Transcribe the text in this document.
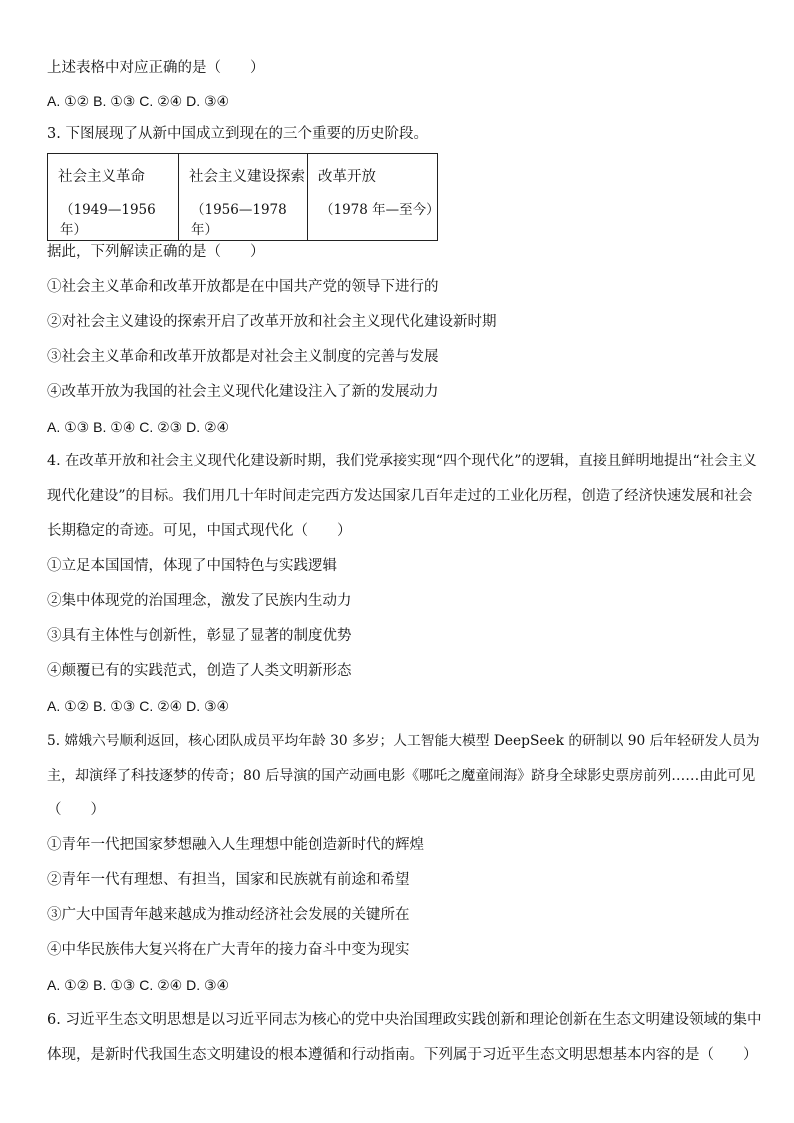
上述表格中对应正确的是（　　）
A. ①② B. ①③ C. ②④ D. ③④
3. 下图展现了从新中国成立到现在的三个重要的历史阶段。
社会主义革命
（1949—1956 年）

社会主义建设探索
（1956—1978 年）

改革开放
（1978 年—至今）
据此，下列解读正确的是（　　）
①社会主义革命和改革开放都是在中国共产党的领导下进行的
②对社会主义建设的探索开启了改革开放和社会主义现代化建设新时期
③社会主义革命和改革开放都是对社会主义制度的完善与发展
④改革开放为我国的社会主义现代化建设注入了新的发展动力
A. ①③ B. ①④ C. ②③ D. ②④
4. 在改革开放和社会主义现代化建设新时期，我们党承接实现“四个现代化”的逻辑，直接且鲜明地提出“社会主义
现代化建设”的目标。我们用几十年时间走完西方发达国家几百年走过的工业化历程，创造了经济快速发展和社会
长期稳定的奇迹。可见，中国式现代化（　　）
①立足本国国情，体现了中国特色与实践逻辑
②集中体现党的治国理念，激发了民族内生动力
③具有主体性与创新性，彰显了显著的制度优势
④颠覆已有的实践范式，创造了人类文明新形态
A. ①② B. ①③ C. ②④ D. ③④
5. 嫦娥六号顺利返回，核心团队成员平均年龄 30 多岁；人工智能大模型 DeepSeek 的研制以 90 后年轻研发人员为
主，却演绎了科技逐梦的传奇；80 后导演的国产动画电影《哪吒之魔童闹海》跻身全球影史票房前列……由此可见
（　　）
①青年一代把国家梦想融入人生理想中能创造新时代的辉煌
②青年一代有理想、有担当，国家和民族就有前途和希望
③广大中国青年越来越成为推动经济社会发展的关键所在
④中华民族伟大复兴将在广大青年的接力奋斗中变为现实
A. ①② B. ①③ C. ②④ D. ③④
6. 习近平生态文明思想是以习近平同志为核心的党中央治国理政实践创新和理论创新在生态文明建设领域的集中
体现，是新时代我国生态文明建设的根本遵循和行动指南。下列属于习近平生态文明思想基本内容的是（　　）
